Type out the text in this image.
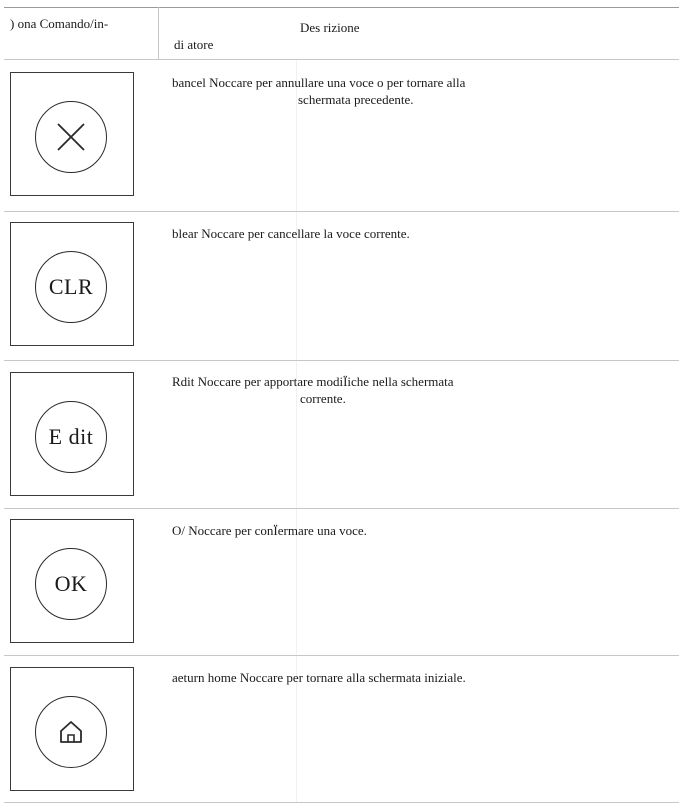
) ona Comando/in-	Des rizione
di atore
bancel Noccare per annullare una voce o per tornare alla
schermata precedente.
CLR
blear Noccare per cancellare la voce corrente.
E dit
Rdit Noccare per apportare modiÏiche nella schermata
corrente.
OK
O/ Noccare per conÏermare una voce.
aeturn home Noccare per tornare alla schermata iniziale.
